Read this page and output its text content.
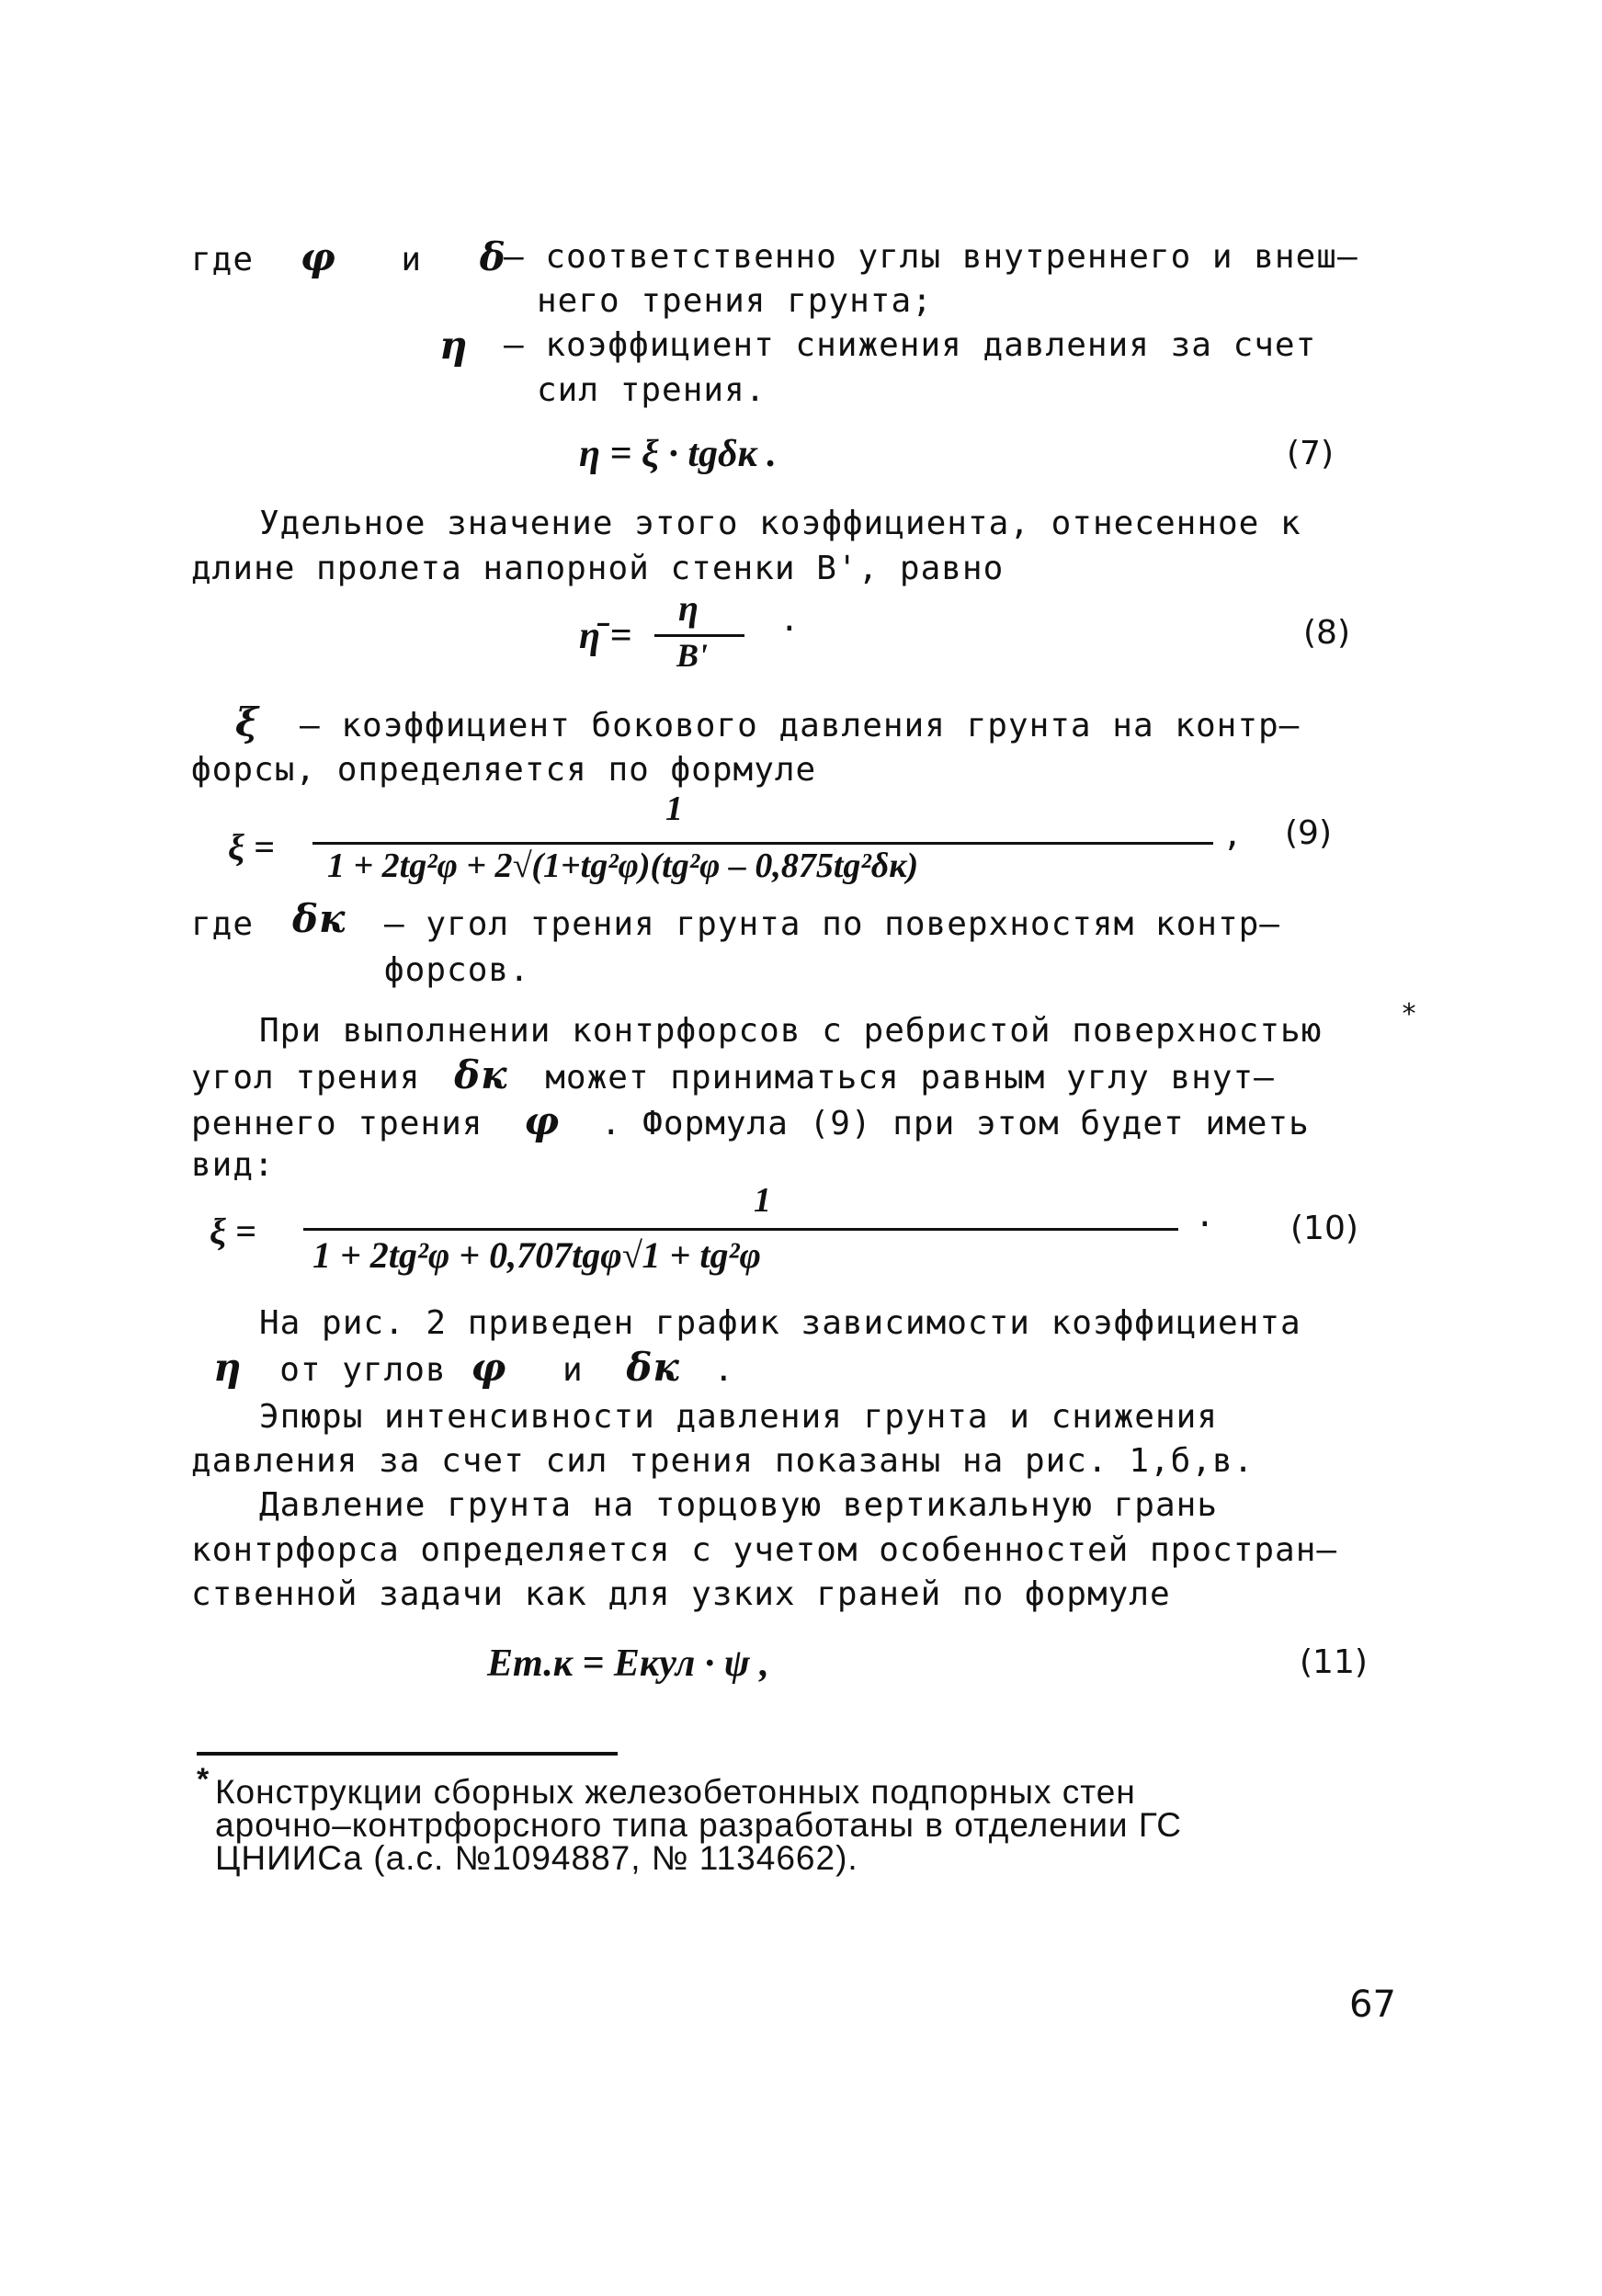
где φ и δ
– соответственно углы внутреннего и внеш–
него трения грунта;
η – коэффициент снижения давления за счет
сил трения.
η = ξ · tgδк .	(7)
Удельное значение этого коэффициента, отнесенное к
длине пролета напорной стенки B', равно
η̄ =
η
B'
·	(8)
ξ – коэффициент бокового давления грунта на контр–
форсы, определяется по формуле
ξ =
1
1 + 2tg²φ + 2√(1+tg²φ)(tg²φ – 0,875tg²δк)
, (9)
где δк – угол трения грунта по поверхностям контр–
форсов.
При выполнении контрфорсов с ребристой поверхностью	*
угол трения δк может приниматься равным углу внут–
реннего трения φ . Формула (9) при этом будет иметь
вид:
ξ =
1
1 + 2tg²φ + 0,707tgφ√1 + tg²φ
· (10)
На рис. 2 приведен график зависимости коэффициента
η от углов φ и δк .
Эпюры интенсивности давления грунта и снижения
давления за счет сил трения показаны на рис. 1,б,в.
Давление грунта на торцовую вертикальную грань
контрфорса определяется с учетом особенностей простран–
ственной задачи как для узких граней по формуле
Eт.к = Eкул · ψ ,	(11)
* Конструкции сборных железобетонных подпорных стен
арочно–контрфорсного типа разработаны в отделении ГС
ЦНИИСа (а.с. №1094887, № 1134662).
67
